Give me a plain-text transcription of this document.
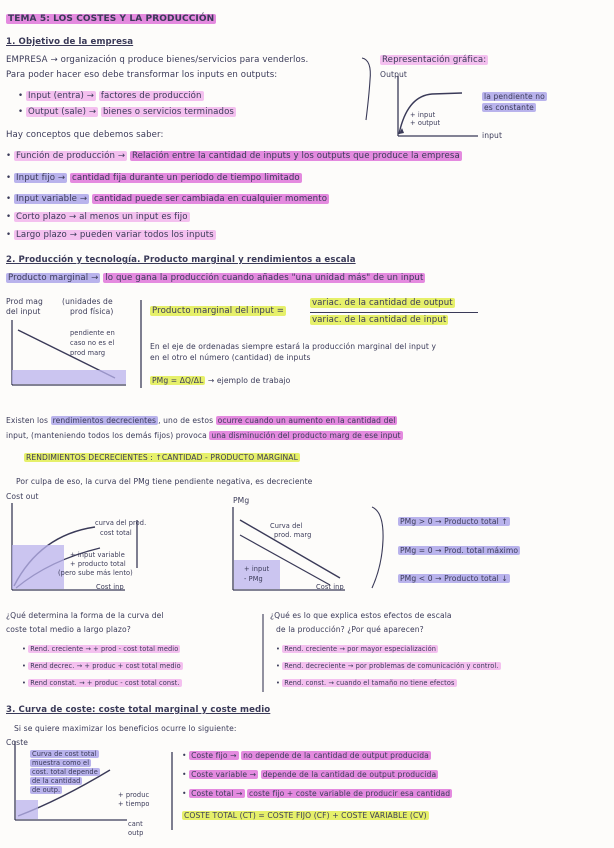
TEMA 5: LOS COSTES Y LA PRODUCCIÓN
1. Objetivo de la empresa
EMPRESA → organización q produce bienes/servicios para venderlos.
Para poder hacer eso debe transformar los inputs en outputs:
• Input (entra) → factores de producción
• Output (sale) → bienes o servicios terminados
Representación gráfica:
Output
+ input
+ output
la pendiente no
es constante
input
Hay conceptos que debemos saber:
• Función de producción → Relación entre la cantidad de inputs y los outputs que produce la empresa
• Input fijo → cantidad fija durante un periodo de tiempo limitado
• Input variable → cantidad puede ser cambiada en cualquier momento
• Corto plazo → al menos un input es fijo
• Largo plazo → pueden variar todos los inputs
2. Producción y tecnología. Producto marginal y rendimientos a escala
Producto marginal → lo que gana la producción cuando añades "una unidad más" de un input
Prod mag
del input
(unidades de
prod física)
pendiente en
caso no es el
prod marg
Producto marginal del input =
variac. de la cantidad de output
variac. de la cantidad de input
En el eje de ordenadas siempre estará la producción marginal del input y
en el otro el número (cantidad) de inputs
PMg = ΔQ/ΔL → ejemplo de trabajo
Existen los rendimientos decrecientes , uno de estos ocurre cuando un aumento en la cantidad del
input, (manteniendo todos los demás fijos) provoca una disminución del producto marg de ese input
RENDIMIENTOS DECRECIENTES : ↑CANTIDAD - PRODUCTO MARGINAL
Por culpa de eso, la curva del PMg tiene pendiente negativa, es decreciente
Cost out
curva del prod.
cost total
+ input variable
+ producto total
(pero sube más lento)
Cost inp
PMg
Curva del
prod. marg
+ input
- PMg
Cost inp
PMg > 0 → Producto total ↑
PMg = 0 → Prod. total máximo
PMg < 0 → Producto total ↓
¿Qué determina la forma de la curva del
coste total medio a largo plazo?
• Rend. creciente → + prod - cost total medio
• Rend decrec. → + produc + cost total medio
• Rend constat. → + produc - cost total const.
¿Qué es lo que explica estos efectos de escala
de la producción? ¿Por qué aparecen?
• Rend. creciente → por mayor especialización
• Rend. decreciente → por problemas de comunicación y control.
• Rend. const. → cuando el tamaño no tiene efectos
3. Curva de coste: coste total marginal y coste medio
Si se quiere maximizar los beneficios ocurre lo siguiente:
Coste
Curva de cost total
muestra como el
cost. total depende
de la cantidad
de outp.
+ produc
+ tiempo
cant
outp
• Coste fijo → no depende de la cantidad de output producida
• Coste variable → depende de la cantidad de output producida
• Coste total → coste fijo + coste variable de producir esa cantidad
COSTE TOTAL (CT) = COSTE FIJO (CF) + COSTE VARIABLE (CV)
